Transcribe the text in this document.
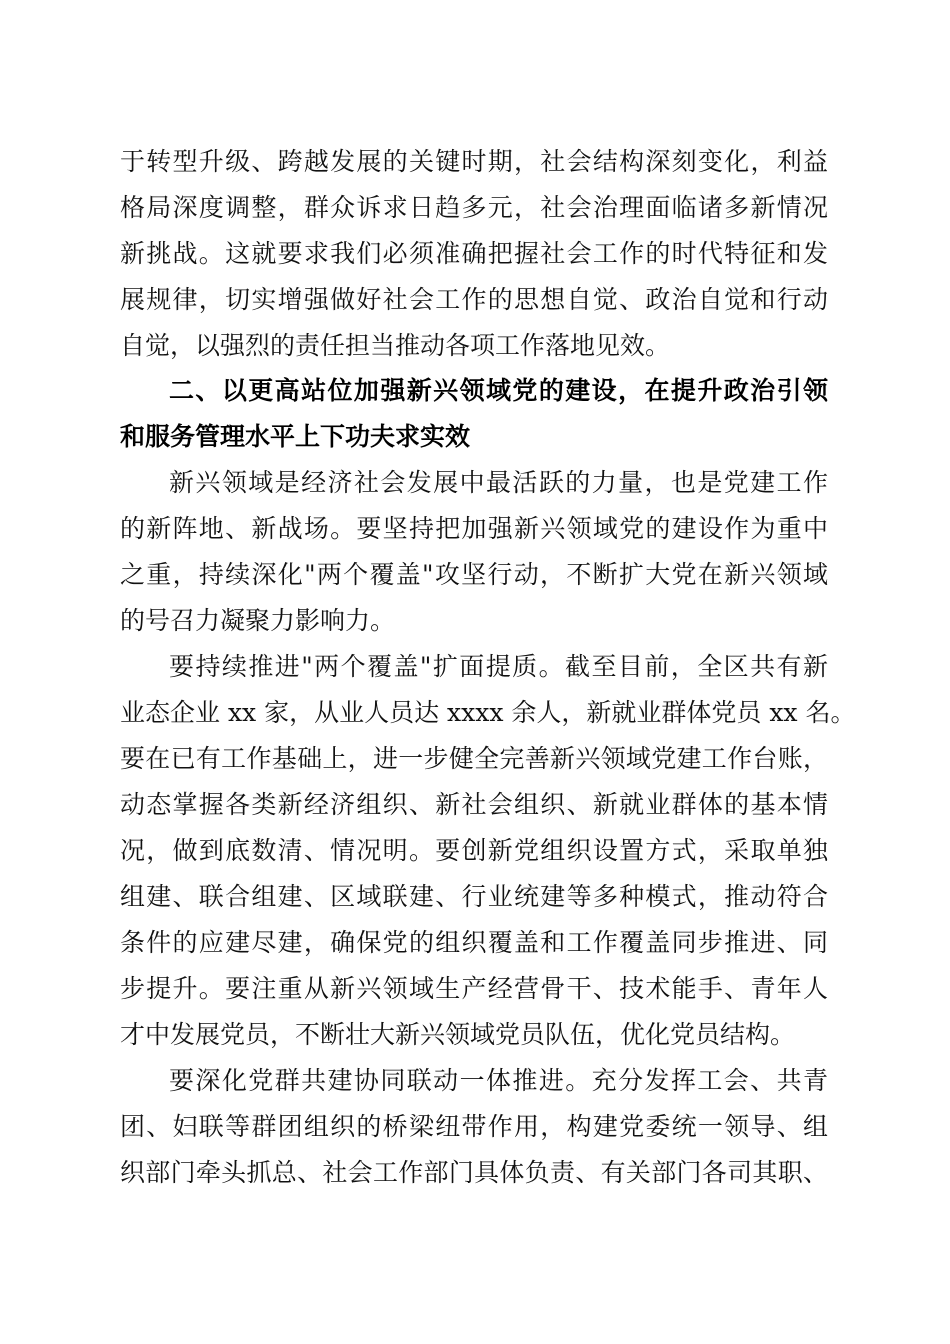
于转型升级、跨越发展的关键时期，社会结构深刻变化，利益
格局深度调整，群众诉求日趋多元，社会治理面临诸多新情况
新挑战。这就要求我们必须准确把握社会工作的时代特征和发
展规律，切实增强做好社会工作的思想自觉、政治自觉和行动
自觉，以强烈的责任担当推动各项工作落地见效。
二、以更高站位加强新兴领域党的建设，在提升政治引领
和服务管理水平上下功夫求实效
新兴领域是经济社会发展中最活跃的力量，也是党建工作
的新阵地、新战场。要坚持把加强新兴领域党的建设作为重中
之重，持续深化"两个覆盖"攻坚行动，不断扩大党在新兴领域
的号召力凝聚力影响力。
要持续推进"两个覆盖"扩面提质。截至目前，全区共有新
业态企业 xx 家，从业人员达 xxxx 余人，新就业群体党员 xx 名。
要在已有工作基础上，进一步健全完善新兴领域党建工作台账，
动态掌握各类新经济组织、新社会组织、新就业群体的基本情
况，做到底数清、情况明。要创新党组织设置方式，采取单独
组建、联合组建、区域联建、行业统建等多种模式，推动符合
条件的应建尽建，确保党的组织覆盖和工作覆盖同步推进、同
步提升。要注重从新兴领域生产经营骨干、技术能手、青年人
才中发展党员，不断壮大新兴领域党员队伍，优化党员结构。
要深化党群共建协同联动一体推进。充分发挥工会、共青
团、妇联等群团组织的桥梁纽带作用，构建党委统一领导、组
织部门牵头抓总、社会工作部门具体负责、有关部门各司其职、
